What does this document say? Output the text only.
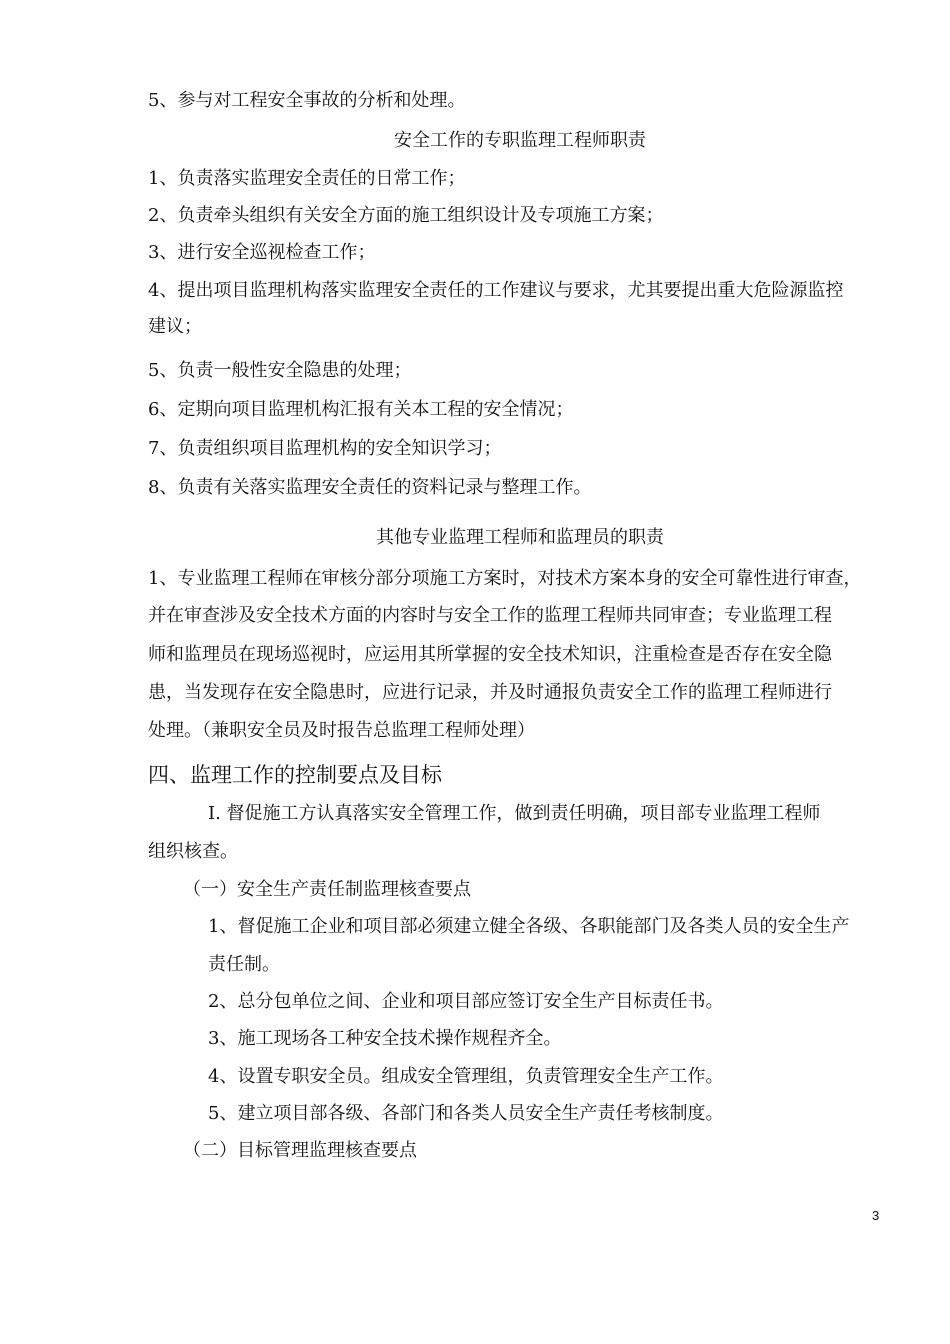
5、参与对工程安全事故的分析和处理。
安全工作的专职监理工程师职责
1、负责落实监理安全责任的日常工作；
2、负责牵头组织有关安全方面的施工组织设计及专项施工方案；
3、进行安全巡视检查工作；
4、提出项目监理机构落实监理安全责任的工作建议与要求，尤其要提出重大危险源监控
建议；
5、负责一般性安全隐患的处理；
6、定期向项目监理机构汇报有关本工程的安全情况；
7、负责组织项目监理机构的安全知识学习；
8、负责有关落实监理安全责任的资料记录与整理工作。
其他专业监理工程师和监理员的职责
1、专业监理工程师在审核分部分项施工方案时，对技术方案本身的安全可靠性进行审查，
并在审查涉及安全技术方面的内容时与安全工作的监理工程师共同审查；专业监理工程
师和监理员在现场巡视时，应运用其所掌握的安全技术知识，注重检查是否存在安全隐
患，当发现存在安全隐患时，应进行记录，并及时通报负责安全工作的监理工程师进行
处理。（兼职安全员及时报告总监理工程师处理）
四、监理工作的控制要点及目标
I. 督促施工方认真落实安全管理工作，做到责任明确，项目部专业监理工程师
组织核查。
（一）安全生产责任制监理核查要点
1、督促施工企业和项目部必须建立健全各级、各职能部门及各类人员的安全生产
责任制。
2、总分包单位之间、企业和项目部应签订安全生产目标责任书。
3、施工现场各工种安全技术操作规程齐全。
4、设置专职安全员。组成安全管理组，负责管理安全生产工作。
5、建立项目部各级、各部门和各类人员安全生产责任考核制度。
（二）目标管理监理核查要点
3
